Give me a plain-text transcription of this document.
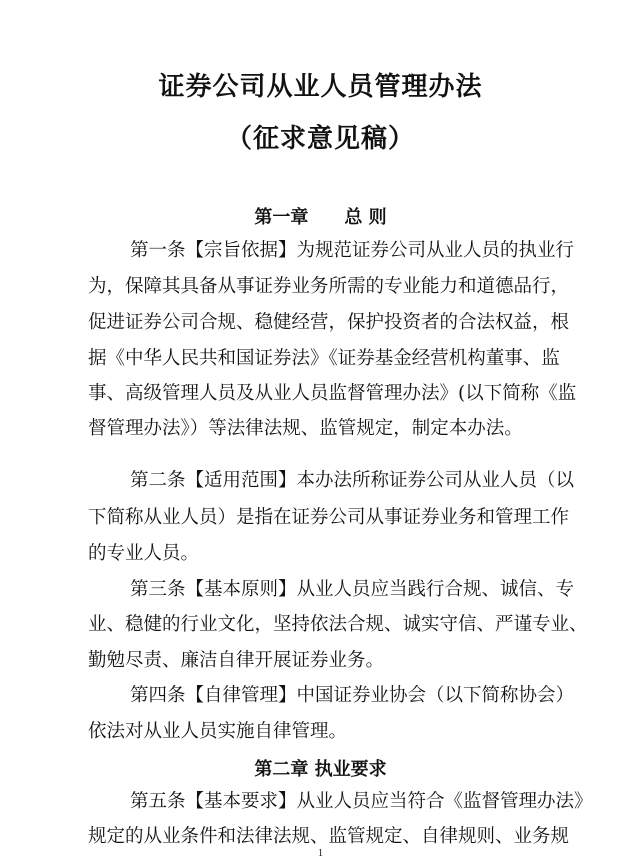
证券公司从业人员管理办法
（征求意见稿）
第一章　　总 则
第一条【宗旨依据】为规范证券公司从业人员的执业行
为，保障其具备从事证券业务所需的专业能力和道德品行，
促进证券公司合规、稳健经营，保护投资者的合法权益，根
据《中华人民共和国证券法》《证券基金经营机构董事、监
事、高级管理人员及从业人员监督管理办法》(以下简称《监
督管理办法》）等法律法规、监管规定，制定本办法。
第二条【适用范围】本办法所称证券公司从业人员（以
下简称从业人员）是指在证券公司从事证券业务和管理工作
的专业人员。
第三条【基本原则】从业人员应当践行合规、诚信、专
业、稳健的行业文化，坚持依法合规、诚实守信、严谨专业、
勤勉尽责、廉洁自律开展证券业务。
第四条【自律管理】中国证券业协会（以下简称协会）
依法对从业人员实施自律管理。
第二章 执业要求
第五条【基本要求】从业人员应当符合《监督管理办法》
规定的从业条件和法律法规、监管规定、自律规则、业务规
1
